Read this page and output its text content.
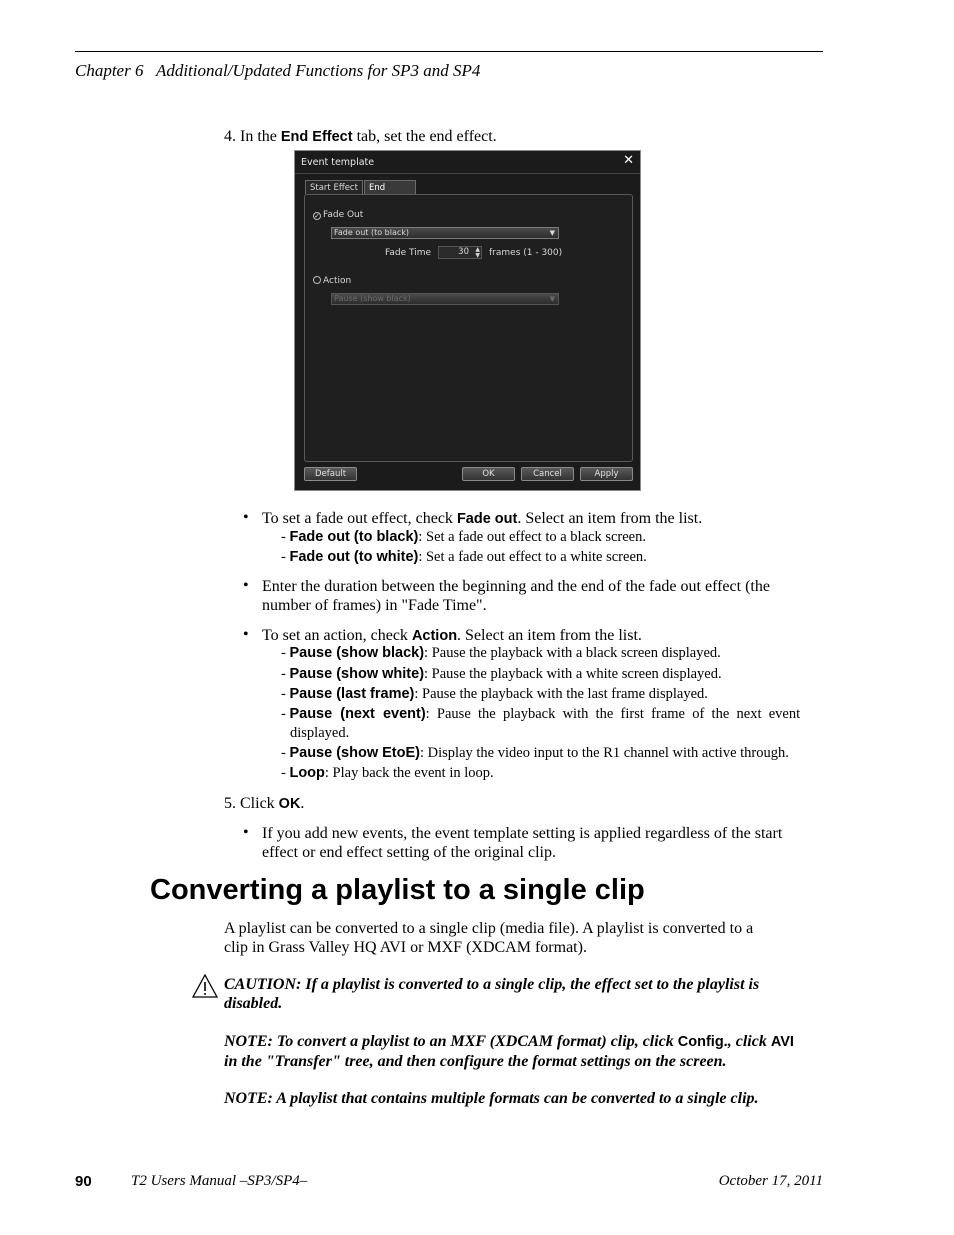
Chapter 6 Additional/Updated Functions for SP3 and SP4
4. In the End Effect tab, set the end effect.
Event template	✕
Start Effect	End
✓ Fade Out
Fade out (to black)	▼
Fade Time	30 ▲
▼ frames (1 - 300)
Action
Pause (show black)	▼
Default	OK	Cancel	Apply
• To set a fade out effect, check Fade out. Select an item from the list.
- Fade out (to black): Set a fade out effect to a black screen.
- Fade out (to white): Set a fade out effect to a white screen.
• Enter the duration between the beginning and the end of the fade out effect (the
number of frames) in "Fade Time".
• To set an action, check Action. Select an item from the list.
- Pause (show black): Pause the playback with a black screen displayed.
- Pause (show white): Pause the playback with a white screen displayed.
- Pause (last frame): Pause the playback with the last frame displayed.
- Pause  (next  event):  Pause  the  playback  with  the  first  frame  of  the  next  event
displayed.
- Pause (show EtoE): Display the video input to the R1 channel with active through.
- Loop: Play back the event in loop.
5. Click OK.
• If you add new events, the event template setting is applied regardless of the start
effect or end effect setting of the original clip.
Converting a playlist to a single clip
A playlist can be converted to a single clip (media file). A playlist is converted to a
clip in Grass Valley HQ AVI or MXF (XDCAM format).
CAUTION: If a playlist is converted to a single clip, the effect set to the playlist is
disabled.
NOTE: To convert a playlist to an MXF (XDCAM format) clip, click Config., click AVI in the "Transfer" tree, and then configure the format settings on the screen.
NOTE: A playlist that contains multiple formats can be converted to a single clip.
90	T2 Users Manual –SP3/SP4–	October 17, 2011
